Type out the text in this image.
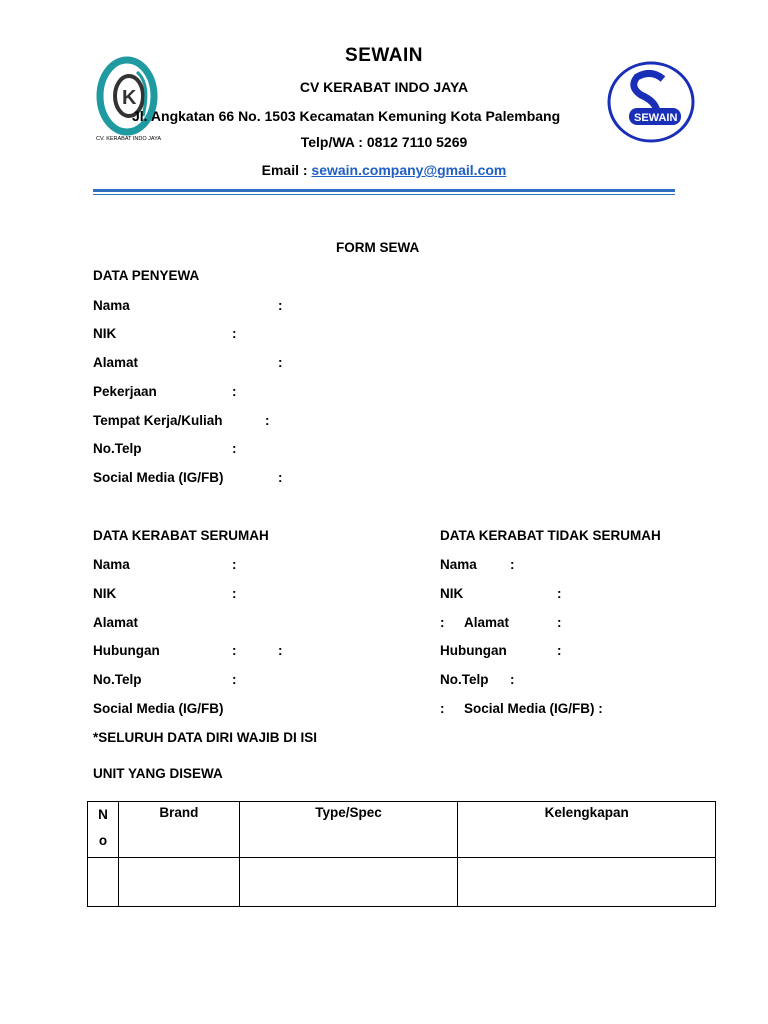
K
CV. KERABAT INDO JAYA
SEWAIN
SEWAIN
CV KERABAT INDO JAYA
Jl. Angkatan 66 No. 1503 Kecamatan Kemuning Kota Palembang
Telp/WA : 0812 7110 5269
Email : sewain.company@gmail.com
FORM SEWA
DATA PENYEWA
Nama	:
NIK	:
Alamat	:
Pekerjaan	:
Tempat Kerja/Kuliah	:
No.Telp	:
Social Media (IG/FB)	:
DATA KERABAT SERUMAH
Nama	:
NIK	:
Alamat
Hubungan	:	:
No.Telp	:
Social Media (IG/FB)
DATA KERABAT TIDAK SERUMAH
Nama :
NIK	:
: Alamat	:
Hubungan	:
No.Telp :
: Social Media (IG/FB) :
*SELURUH DATA DIRI WAJIB DI ISI
UNIT YANG DISEWA
N
o	Brand	Type/Spec	Kelengkapan
